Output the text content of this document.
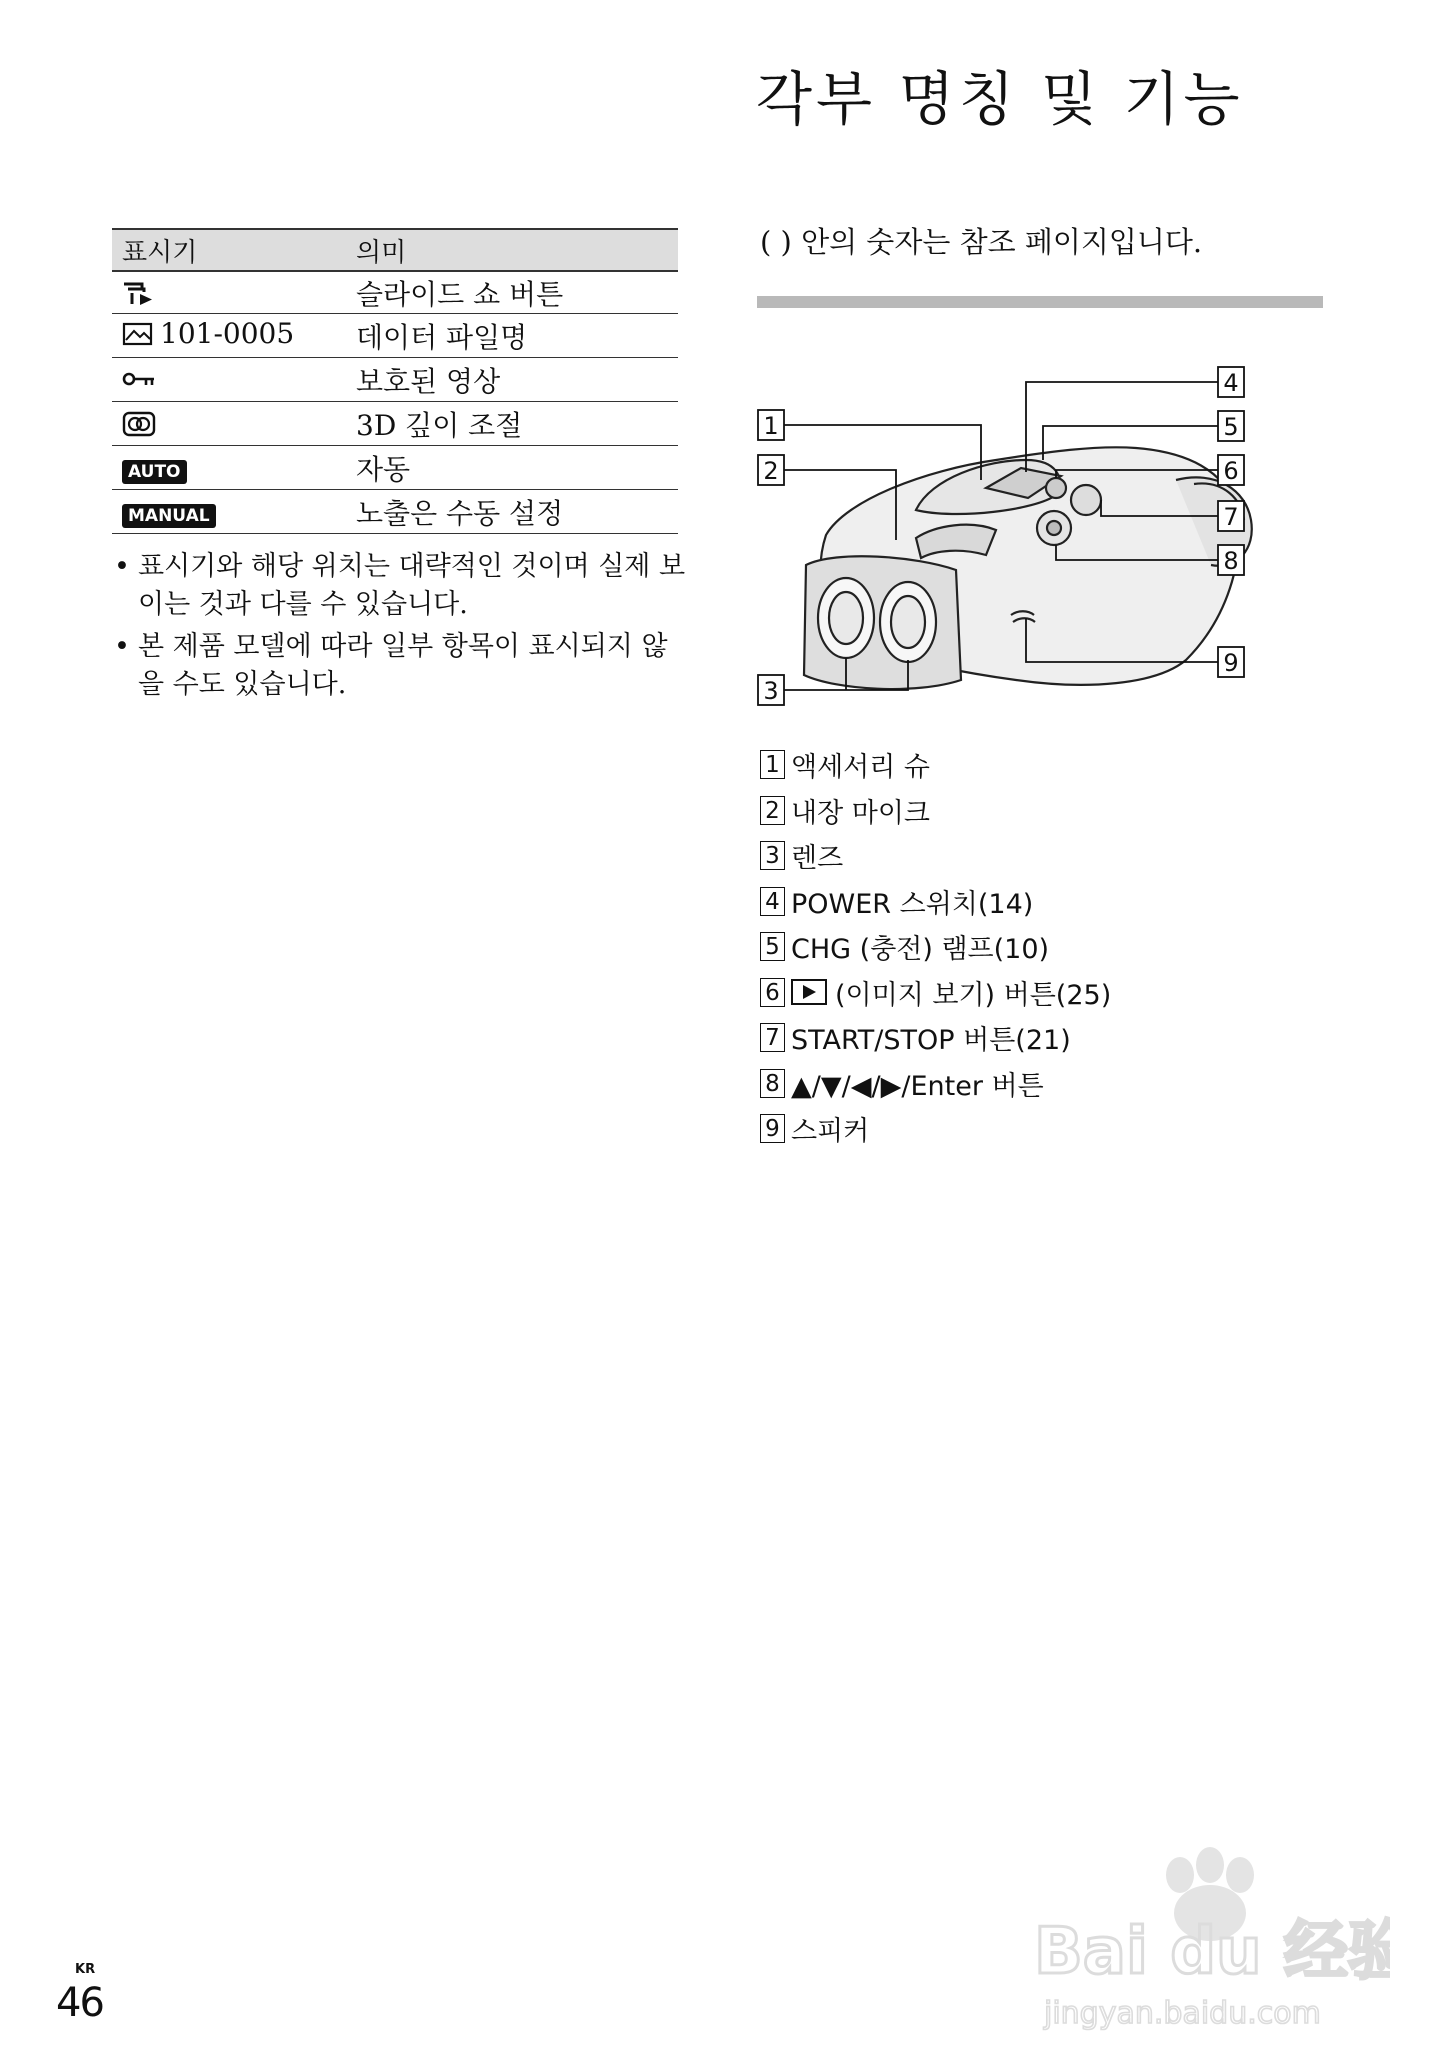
각부 명칭 및 기능
표시기	의미

	슬라이드 쇼 버튼

101-0005	데이터 파일명

	보호된 영상

	3D 깊이 조절
AUTO	자동
MANUAL	노출은 수동 설정
• 표시기와 해당 위치는 대략적인 것이며 실제 보이는 것과 다를 수 있습니다.
• 본 제품 모델에 따라 일부 항목이 표시되지 않을 수도 있습니다.

( ) 안의 숫자는 참조 페이지입니다.

1
2
3
4
5
6
7
8
9
1 액세서리 슈
2 내장 마이크
3 렌즈
4 POWER 스위치(14)
5 CHG (충전) 램프(10)
6 (이미지 보기) 버튼(25)
7 START/STOP 버튼(21)
8 ▲/▼/◀/▶/Enter 버튼
9 스피커

KR

46

Bai du 经验
jingyan.baidu.com
